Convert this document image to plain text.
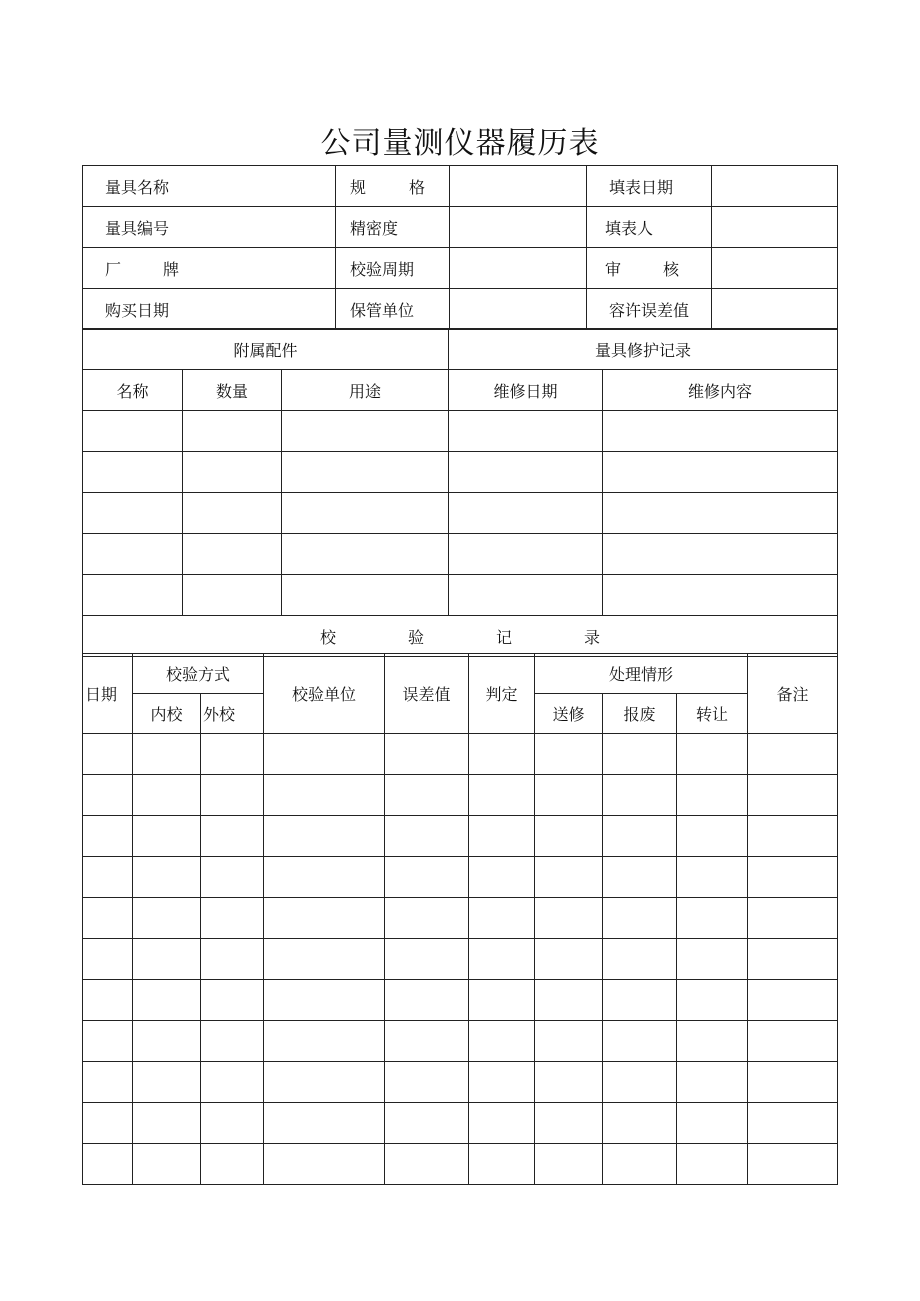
公司量测仪器履历表
量具名称	规 格		填表日期	
量具编号	精密度		填表人	

厂 牌	校验周期		审 核	

购买日期	保管单位		容许误差值	
附属配件			量具修护记录	
名称	数量	用途	维修日期	维修内容

校 验 记 录				
日期	校验方式		校验单位	误差值	判定	处理情形			备注
	内校	外校				送修	报废	转让	
